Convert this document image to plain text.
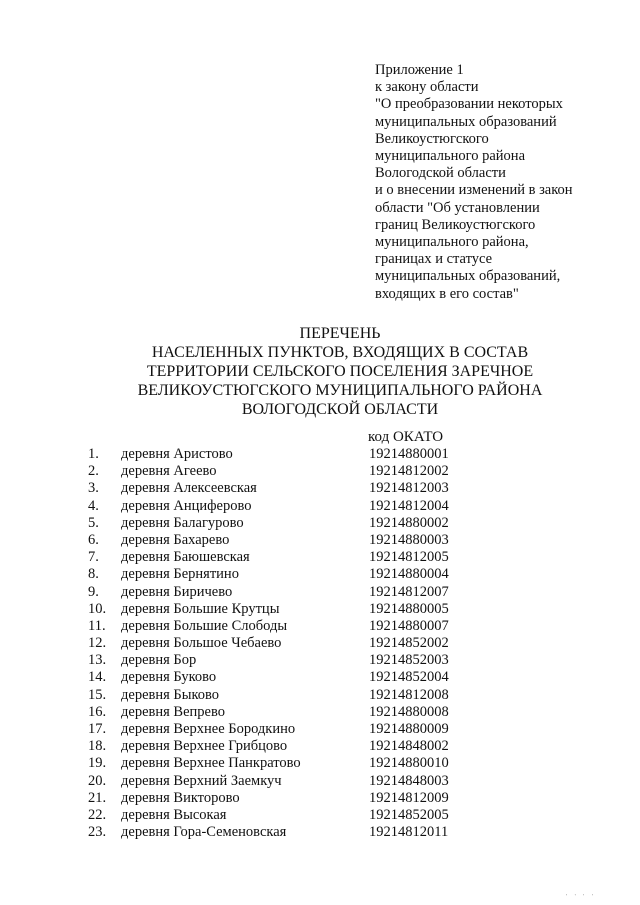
Приложение 1
к закону области
"О преобразовании некоторых
муниципальных образований
Великоустюгского
муниципального района
Вологодской области
и о внесении изменений в закон
области "Об установлении
границ Великоустюгского
муниципального района,
границах и статусе
муниципальных образований,
входящих в его состав"
ПЕРЕЧЕНЬ
НАСЕЛЕННЫХ ПУНКТОВ, ВХОДЯЩИХ В СОСТАВ
ТЕРРИТОРИИ СЕЛЬСКОГО ПОСЕЛЕНИЯ ЗАРЕЧНОЕ
ВЕЛИКОУСТЮГСКОГО МУНИЦИПАЛЬНОГО РАЙОНА
ВОЛОГОДСКОЙ ОБЛАСТИ
код ОКАТО
1. деревня Аристово	19214880001
2. деревня Агеево	19214812002
3. деревня Алексеевская	19214812003
4. деревня Анциферово	19214812004
5. деревня Балагурово	19214880002
6. деревня Бахарево	19214880003
7. деревня Баюшевская	19214812005
8. деревня Бернятино	19214880004
9. деревня Биричево	19214812007
10. деревня Большие Крутцы	19214880005
11. деревня Большие Слободы	19214880007
12. деревня Большое Чебаево	19214852002
13. деревня Бор	19214852003
14. деревня Буково	19214852004
15. деревня Быково	19214812008
16. деревня Вепрево	19214880008
17. деревня Верхнее Бородкино	19214880009
18. деревня Верхнее Грибцово	19214848002
19. деревня Верхнее Панкратово	19214880010
20. деревня Верхний Заемкуч	19214848003
21. деревня Викторово	19214812009
22. деревня Высокая	19214852005
23. деревня Гора-Семеновская	19214812011
' ' ' '
